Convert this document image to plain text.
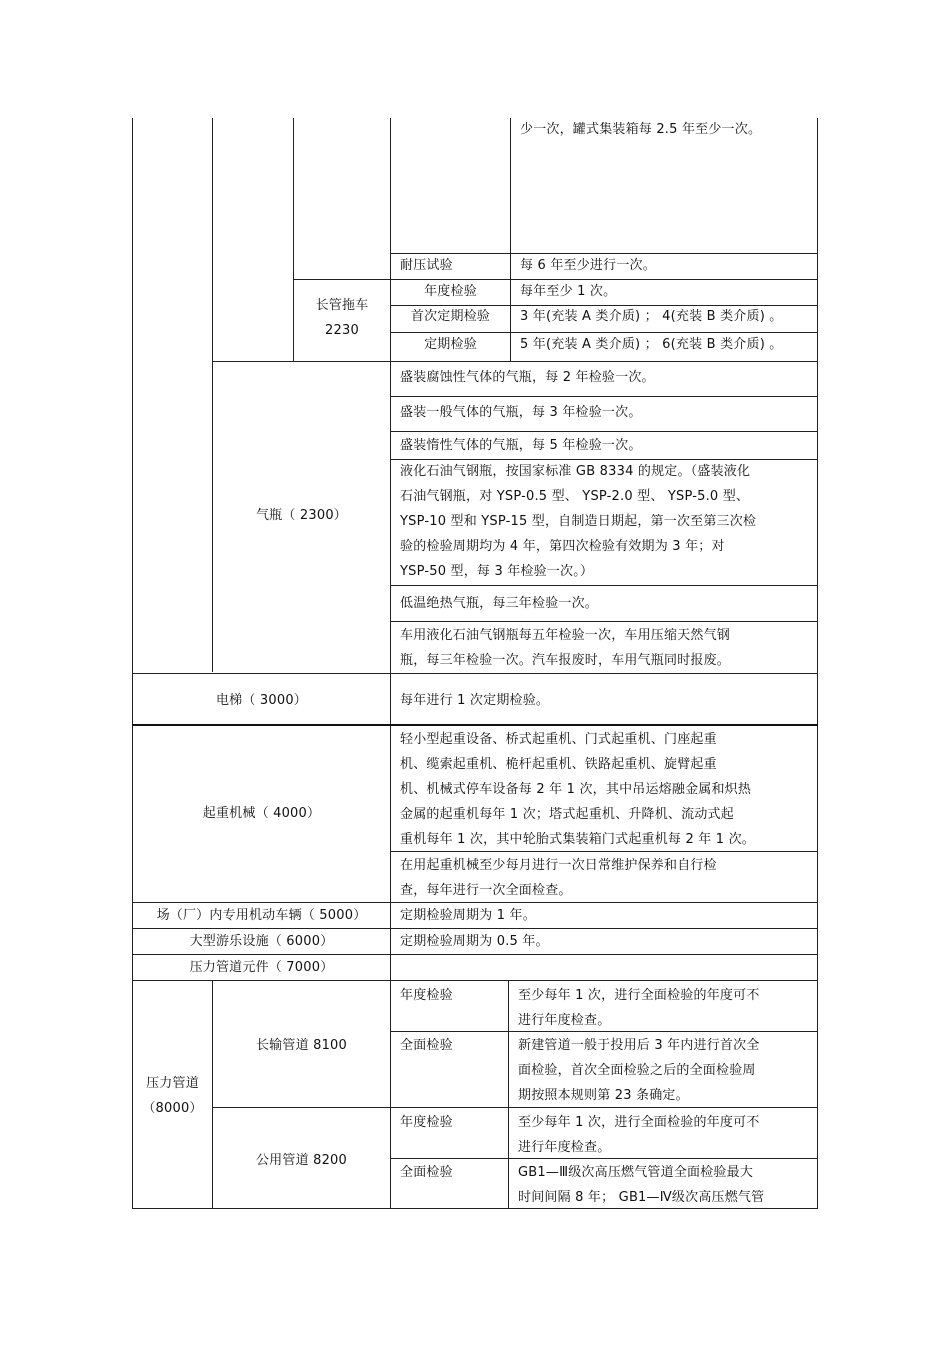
少一次，罐式集装箱每 2.5 年至少一次。
耐压试验	每 6 年至少进行一次。
长管拖车
2230
年度检验	每年至少 1 次。
首次定期检验	3 年(充装 A 类介质) ； 4(充装 B 类介质) 。
定期检验	5 年(充装 A 类介质) ； 6(充装 B 类介质) 。
气瓶（ 2300）
盛装腐蚀性气体的气瓶，每 2 年检验一次。
盛装一般气体的气瓶，每 3 年检验一次。
盛装惰性气体的气瓶，每 5 年检验一次。
液化石油气钢瓶，按国家标准 GB 8334 的规定。（盛装液化
石油气钢瓶，对 YSP-0.5 型、 YSP-2.0 型、 YSP-5.0 型、
YSP-10 型和 YSP-15 型，自制造日期起，第一次至第三次检
验的检验周期均为 4 年，第四次检验有效期为 3 年；对
YSP-50 型，每 3 年检验一次。）
低温绝热气瓶，每三年检验一次。
车用液化石油气钢瓶每五年检验一次，车用压缩天然气钢
瓶，每三年检验一次。汽车报废时，车用气瓶同时报废。
电梯（ 3000）	每年进行 1 次定期检验。
起重机械（ 4000）
轻小型起重设备、桥式起重机、门式起重机、门座起重
机、缆索起重机、桅杆起重机、铁路起重机、旋臂起重
机、机械式停车设备每 2 年 1 次，其中吊运熔融金属和炽热
金属的起重机每年 1 次；塔式起重机、升降机、流动式起
重机每年 1 次，其中轮胎式集装箱门式起重机每 2 年 1 次。
在用起重机械至少每月进行一次日常维护保养和自行检
查，每年进行一次全面检查。
场（厂）内专用机动车辆（ 5000）	定期检验周期为 1 年。
大型游乐设施（ 6000）	定期检验周期为 0.5 年。
压力管道元件（ 7000）
压力管道
（8000）
长输管道 8100
年度检验	至少每年 1 次，进行全面检验的年度可不
进行年度检查。
全面检验	新建管道一般于投用后 3 年内进行首次全
面检验，首次全面检验之后的全面检验周
期按照本规则第 23 条确定。
公用管道 8200
年度检验	至少每年 1 次，进行全面检验的年度可不
进行年度检查。
全面检验	GB1—Ⅲ级次高压燃气管道全面检验最大
时间间隔 8 年； GB1—Ⅳ级次高压燃气管
